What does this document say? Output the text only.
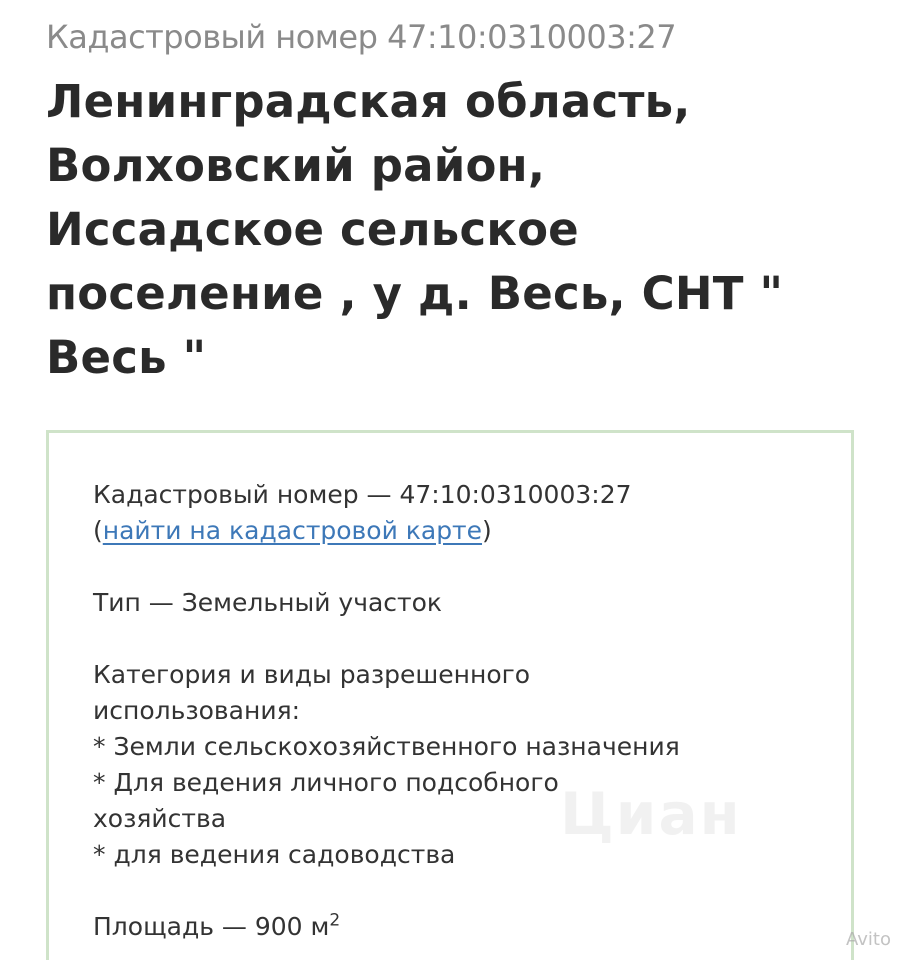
Кадастровый номер 47:10:0310003:27
Ленинградская область,
Волховский район,
Иссадское сельское
поселение , у д. Весь, СНТ "
Весь "
Кадастровый номер — 47:10:0310003:27
(найти на кадастровой карте)
Тип — Земельный участок
Категория и виды разрешенного
использования:
* Земли сельскохозяйственного назначения
* Для ведения личного подсобного
хозяйства
* для ведения садоводства
Площадь — 900 $м^2$
Циан
Avito
